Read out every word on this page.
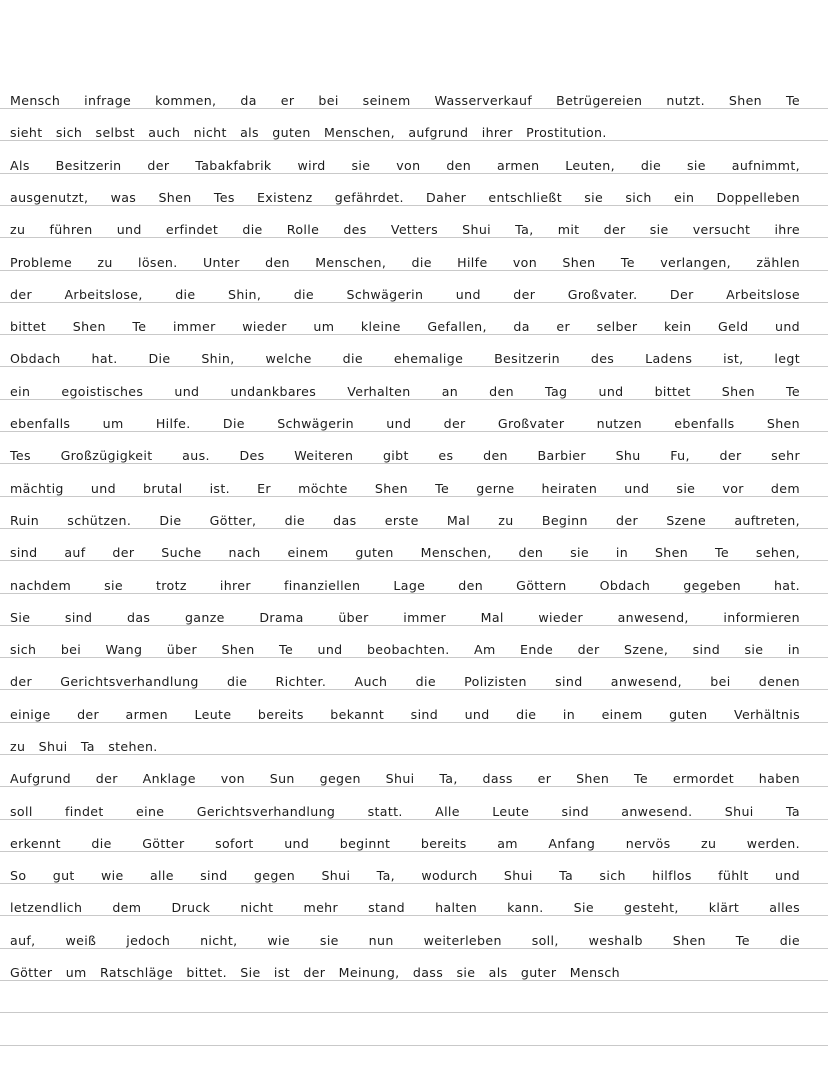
Mensch infrage kommen, da er bei seinem Wasserverkauf Betrügereien nutzt. Shen Te
sieht sich selbst auch nicht als guten Menschen, aufgrund ihrer Prostitution.
Als Besitzerin der Tabakfabrik wird sie von den armen Leuten, die sie aufnimmt,
ausgenutzt, was Shen Tes Existenz gefährdet. Daher entschließt sie sich ein Doppelleben
zu führen und erfindet die Rolle des Vetters Shui Ta, mit der sie versucht ihre
Probleme zu lösen. Unter den Menschen, die Hilfe von Shen Te verlangen, zählen
der Arbeitslose, die Shin, die Schwägerin und der Großvater. Der Arbeitslose
bittet Shen Te immer wieder um kleine Gefallen, da er selber kein Geld und
Obdach hat. Die Shin, welche die ehemalige Besitzerin des Ladens ist, legt
ein egoistisches und undankbares Verhalten an den Tag und bittet Shen Te
ebenfalls um Hilfe. Die Schwägerin und der Großvater nutzen ebenfalls Shen
Tes Großzügigkeit aus. Des Weiteren gibt es den Barbier Shu Fu, der sehr
mächtig und brutal ist. Er möchte Shen Te gerne heiraten und sie vor dem
Ruin schützen. Die Götter, die das erste Mal zu Beginn der Szene auftreten,
sind auf der Suche nach einem guten Menschen, den sie in Shen Te sehen,
nachdem sie trotz ihrer finanziellen Lage den Göttern Obdach gegeben hat.
Sie sind das ganze Drama über immer Mal wieder anwesend, informieren
sich bei Wang über Shen Te und beobachten. Am Ende der Szene, sind sie in
der Gerichtsverhandlung die Richter. Auch die Polizisten sind anwesend, bei denen
einige der armen Leute bereits bekannt sind und die in einem guten Verhältnis
zu Shui Ta stehen.
Aufgrund der Anklage von Sun gegen Shui Ta, dass er Shen Te ermordet haben
soll findet eine Gerichtsverhandlung statt. Alle Leute sind anwesend. Shui Ta
erkennt die Götter sofort und beginnt bereits am Anfang nervös zu werden.
So gut wie alle sind gegen Shui Ta, wodurch Shui Ta sich hilflos fühlt und
letzendlich dem Druck nicht mehr stand halten kann. Sie gesteht, klärt alles
auf, weiß jedoch nicht, wie sie nun weiterleben soll, weshalb Shen Te die
Götter um Ratschläge bittet. Sie ist der Meinung, dass sie als guter Mensch
